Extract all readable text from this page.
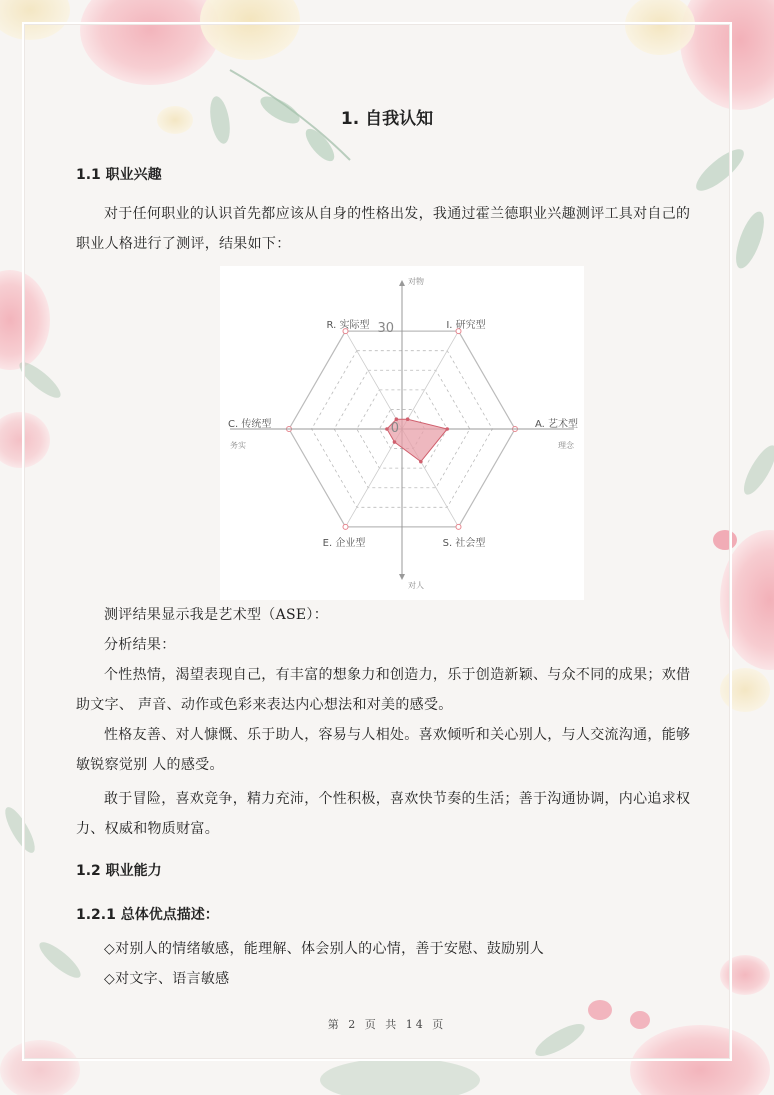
1. 自我认知
1.1 职业兴趣
对于任何职业的认识首先都应该从自身的性格出发，我通过霍兰德职业兴趣测评工具对自己的职业人格进行了测评，结果如下：
R. 实际型	I. 研究型
A. 艺术型
S. 社会型
E. 企业型
C. 传统型
对物
对人
务实	理念
30
0
测评结果显示我是艺术型（ASE）：
分析结果：
个性热情，渴望表现自己，有丰富的想象力和创造力，乐于创造新颖、与众不同的成果；欢借助文字、 声音、动作或色彩来表达内心想法和对美的感受。
性格友善、对人慷慨、乐于助人，容易与人相处。喜欢倾听和关心别人，与人交流沟通，能够敏锐察觉别 人的感受。
敢于冒险，喜欢竞争，精力充沛，个性积极，喜欢快节奏的生活；善于沟通协调，内心追求权力、权威和物质财富。
1.2 职业能力
1.2.1 总体优点描述：
◇对别人的情绪敏感，能理解、体会别人的心情，善于安慰、鼓励别人
◇对文字、语言敏感
第 2 页 共 14 页
